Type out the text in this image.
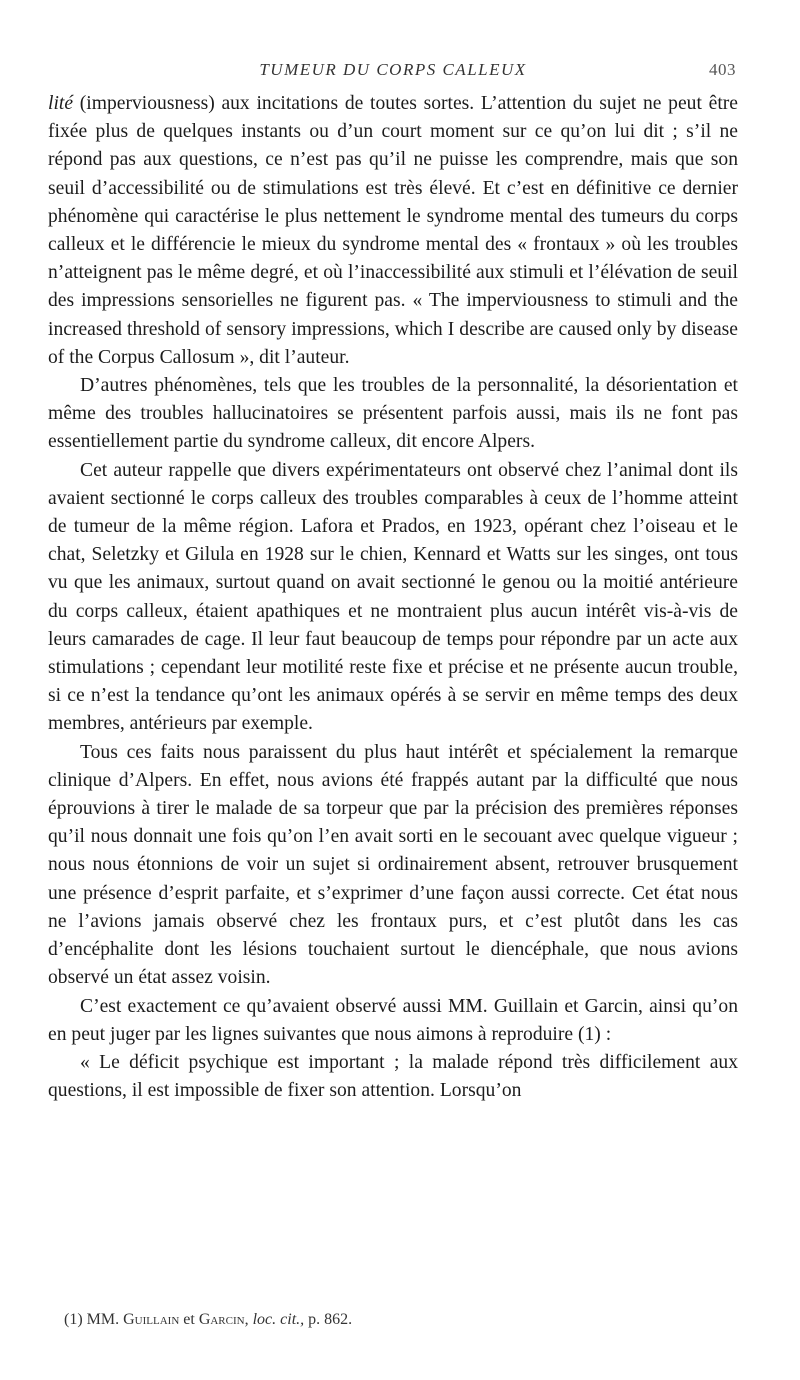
TUMEUR DU CORPS CALLEUX	403

lité (imperviousness) aux incitations de toutes sortes. L’attention du sujet ne peut être fixée plus de quelques instants ou d’un court moment sur ce qu’on lui dit ; s’il ne répond pas aux questions, ce n’est pas qu’il ne puisse les comprendre, mais que son seuil d’accessibilité ou de stimulations est très élevé. Et c’est en définitive ce dernier phénomène qui caractérise le plus nettement le syndrome mental des tumeurs du corps calleux et le différencie le mieux du syndrome mental des « frontaux » où les troubles n’atteignent pas le même degré, et où l’inaccessibilité aux stimuli et l’élévation de seuil des impressions sensorielles ne figurent pas. « The imperviousness to stimuli and the increased threshold of sensory impressions, which I describe are caused only by disease of the Corpus Callosum », dit l’auteur.

D’autres phénomènes, tels que les troubles de la personnalité, la désorientation et même des troubles hallucinatoires se présentent parfois aussi, mais ils ne font pas essentiellement partie du syndrome calleux, dit encore Alpers.

Cet auteur rappelle que divers expérimentateurs ont observé chez l’animal dont ils avaient sectionné le corps calleux des troubles comparables à ceux de l’homme atteint de tumeur de la même région. Lafora et Prados, en 1923, opérant chez l’oiseau et le chat, Seletzky et Gilula en 1928 sur le chien, Kennard et Watts sur les singes, ont tous vu que les animaux, surtout quand on avait sectionné le genou ou la moitié antérieure du corps calleux, étaient apathiques et ne montraient plus aucun intérêt vis-à-vis de leurs camarades de cage. Il leur faut beaucoup de temps pour répondre par un acte aux stimulations ; cependant leur motilité reste fixe et précise et ne présente aucun trouble, si ce n’est la tendance qu’ont les animaux opérés à se servir en même temps des deux membres, antérieurs par exemple.

Tous ces faits nous paraissent du plus haut intérêt et spécialement la remarque clinique d’Alpers. En effet, nous avions été frappés autant par la difficulté que nous éprouvions à tirer le malade de sa torpeur que par la précision des premières réponses qu’il nous donnait une fois qu’on l’en avait sorti en le secouant avec quelque vigueur ; nous nous étonnions de voir un sujet si ordinairement absent, retrouver brusquement une présence d’esprit parfaite, et s’exprimer d’une façon aussi correcte. Cet état nous ne l’avions jamais observé chez les frontaux purs, et c’est plutôt dans les cas d’encéphalite dont les lésions touchaient surtout le diencéphale, que nous avions observé un état assez voisin.

C’est exactement ce qu’avaient observé aussi MM. Guillain et Garcin, ainsi qu’on en peut juger par les lignes suivantes que nous aimons à reproduire (1) :

« Le déficit psychique est important ; la malade répond très difficilement aux questions, il est impossible de fixer son attention. Lorsqu’on

(1) MM. Guillain et Garcin, loc. cit., p. 862.
